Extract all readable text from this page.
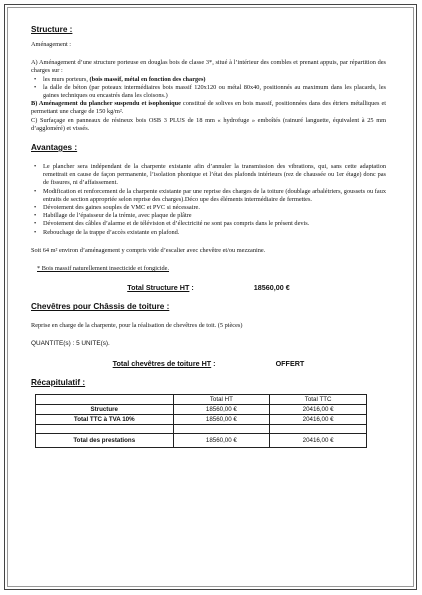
Structure :

Aménagement :

A) Aménagement d’une structure porteuse en douglas bois de classe 3*, situé à l’intérieur des combles et prenant appuis, par répartition des charges sur :

• les murs porteurs, (bois massif, métal en fonction des charges)

• la dalle de béton (par poteaux intermédiaires bois massif 120x120 ou métal 80x40, positionnés au maximum dans les placards, les gaines techniques ou encastrés dans les cloisons.)

B) Aménagement du plancher suspendu et isophonique constitué de solives en bois massif, positionnées dans des étriers métalliques et permettant une charge de 150 kg/m².

C) Surfaçage en panneaux de résineux bois OSB 3 PLUS de 18 mm « hydrofuge » emboîtés (rainuré languette, équivalent à 25 mm d’aggloméré) et vissés.

Avantages :

• Le plancher sera indépendant de la charpente existante afin d’annuler la transmission des vibrations, qui, sans cette adaptation remettrait en cause de façon permanente, l’isolation phonique et l’état des plafonds intérieurs (rez de chaussée ou 1er étage) donc pas de fissures, ni d’affaissement.

• Modification et renforcement de la charpente existante par une reprise des charges de la toiture (doublage arbalétriers, goussets ou faux entraits de section appropriée selon reprise des charges).Déco upe des éléments intermédiaire de fermettes.

• Dévoiement des gaines souples de VMC et PVC si nécessaire.

• Habillage de l’épaisseur de la trémie, avec plaque de plâtre

• Dévoiement des câbles d’alarme et de télévision et d’électricité ne sont pas compris dans le présent devis.

• Rebouchage de la trappe d’accès existante en plafond.

Soit 64 m² environ d’aménagement y compris vide d’escalier avec chevêtre et/ou mezzanine.

* Bois massif naturellement insecticide et fongicide.

Total Structure HT :	18560,00 €
Chevêtres pour Châssis de toiture :

Reprise en charge de la charpente, pour la réalisation de chevêtres de toit. (5 pièces)

QUANTITE(s) : 5 UNITE(s).

Total chevêtres de toiture HT :	OFFERT
Récapitulatif :
	Total HT	Total TTC
Structure	18560,00 €	20416,00 €
Total TTC à TVA 10%	18560,00 €	20416,00 €

Total des prestations	18560,00 €	20416,00 €
